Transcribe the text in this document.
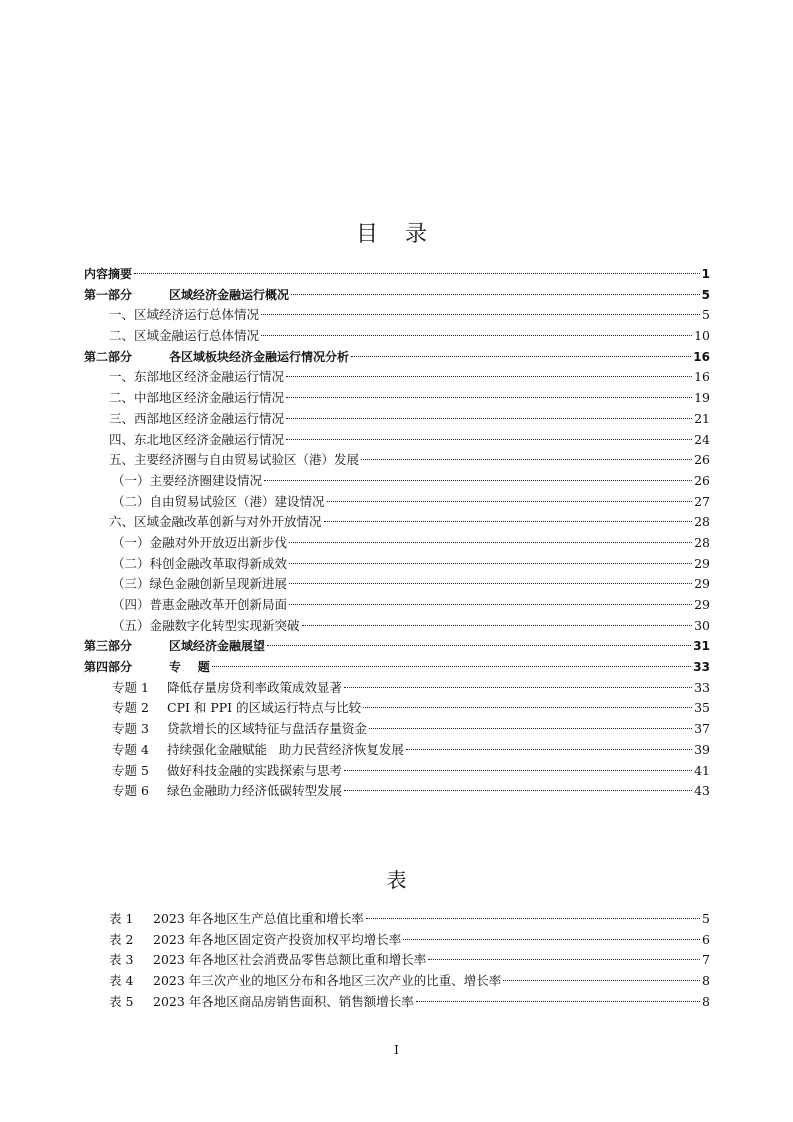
目 录
内容摘要	1
第一部分	区域经济金融运行概况	5
一、区域经济运行总体情况	5
二、区域金融运行总体情况	10
第二部分	各区域板块经济金融运行情况分析	16
一、东部地区经济金融运行情况	16
二、中部地区经济金融运行情况	19
三、西部地区经济金融运行情况	21
四、东北地区经济金融运行情况	24
五、主要经济圈与自由贸易试验区（港）发展	26
（一）主要经济圈建设情况	26
（二）自由贸易试验区（港）建设情况	27
六、区域金融改革创新与对外开放情况	28
（一）金融对外开放迈出新步伐	28
（二）科创金融改革取得新成效	29
（三）绿色金融创新呈现新进展	29
（四）普惠金融改革开创新局面	29
（五）金融数字化转型实现新突破	30
第三部分	区域经济金融展望	31
第四部分	专    题	33
专题 1 降低存量房贷利率政策成效显著	33
专题 2 CPI 和 PPI 的区域运行特点与比较	35
专题 3 贷款增长的区域特征与盘活存量资金	37
专题 4 持续强化金融赋能   助力民营经济恢复发展	39
专题 5 做好科技金融的实践探索与思考	41
专题 6 绿色金融助力经济低碳转型发展	43
表
表 1 2023 年各地区生产总值比重和增长率	5
表 2 2023 年各地区固定资产投资加权平均增长率	6
表 3 2023 年各地区社会消费品零售总额比重和增长率	7
表 4 2023 年三次产业的地区分布和各地区三次产业的比重、增长率	8
表 5 2023 年各地区商品房销售面积、销售额增长率	8
I
